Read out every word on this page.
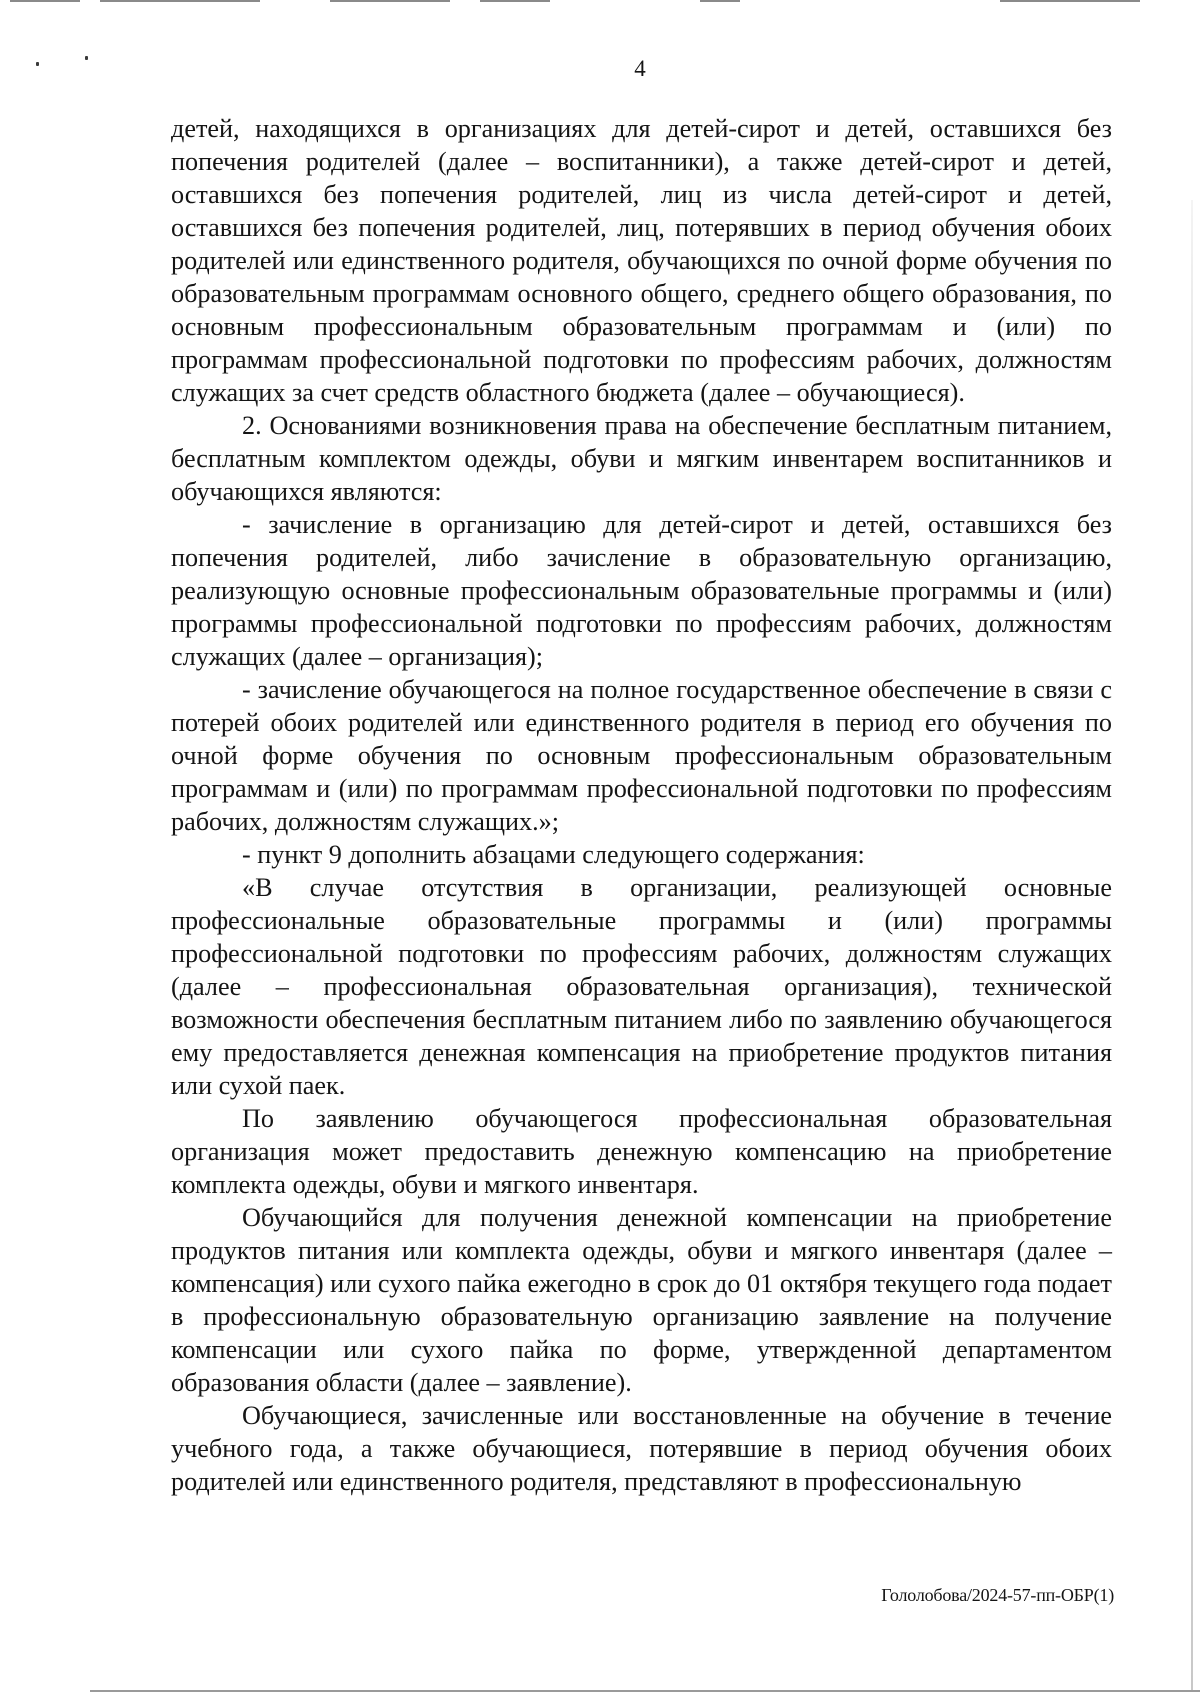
4

детей, находящихся в организациях для детей-сирот и детей, оставшихся без попечения родителей (далее – воспитанники), а также детей-сирот и детей, оставшихся без попечения родителей, лиц из числа детей-сирот и детей, оставшихся без попечения родителей, лиц, потерявших в период обучения обоих родителей или единственного родителя, обучающихся по очной форме обучения по образовательным программам основного общего, среднего общего образования, по основным профессиональным образовательным программам и (или) по программам профессиональной подготовки по профессиям рабочих, должностям служащих за счет средств областного бюджета (далее – обучающиеся).

2. Основаниями возникновения права на обеспечение бесплатным питанием, бесплатным комплектом одежды, обуви и мягким инвентарем воспитанников и обучающихся являются:

- зачисление в организацию для детей-сирот и детей, оставшихся без попечения родителей, либо зачисление в образовательную организацию, реализующую основные профессиональным образовательные программы и (или) программы профессиональной подготовки по профессиям рабочих, должностям служащих (далее – организация);

- зачисление обучающегося на полное государственное обеспечение в связи с потерей обоих родителей или единственного родителя в период его обучения по очной форме обучения по основным профессиональным образовательным программам и (или) по программам профессиональной подготовки по профессиям рабочих, должностям служащих.»;

- пункт 9 дополнить абзацами следующего содержания:

«В случае отсутствия в организации, реализующей основные профессиональные образовательные программы и (или) программы профессиональной подготовки по профессиям рабочих, должностям служащих (далее – профессиональная образовательная организация), технической возможности обеспечения бесплатным питанием либо по заявлению обучающегося ему предоставляется денежная компенсация на приобретение продуктов питания или сухой паек.

По заявлению обучающегося профессиональная образовательная организация может предоставить денежную компенсацию на приобретение комплекта одежды, обуви и мягкого инвентаря.

Обучающийся для получения денежной компенсации на приобретение продуктов питания или комплекта одежды, обуви и мягкого инвентаря (далее – компенсация) или сухого пайка ежегодно в срок до 01 октября текущего года подает в профессиональную образовательную организацию заявление на получение компенсации или сухого пайка по форме, утвержденной департаментом образования области (далее – заявление).

Обучающиеся, зачисленные или восстановленные на обучение в течение учебного года, а также обучающиеся, потерявшие в период обучения обоих родителей или единственного родителя, представляют в профессиональную

Гололобова/2024-57-пп-ОБР(1)
